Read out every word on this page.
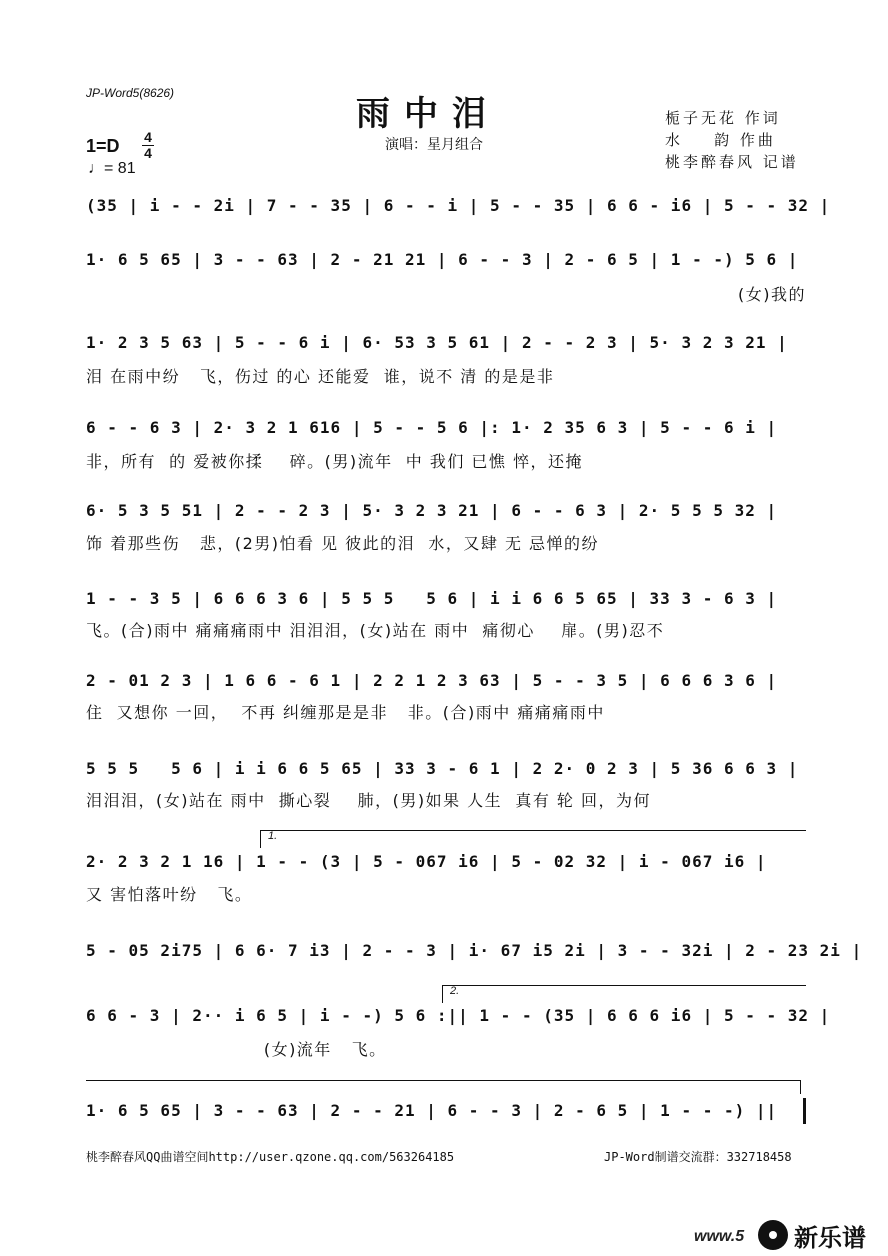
JP-Word5(8626)
雨中泪
演唱：星月组合
栀子无花 作词
水    韵 作曲
桃李醉春风 记谱
1=D 4
4
♩= 81
(35 | i - - 2i | 7 - - 35 | 6 - - i | 5 - - 35 | 6 6 - i6 | 5 - - 32 |
1· 6 5 65 | 3 - - 63 | 2 - 21 21 | 6 - - 3 | 2 - 6 5 | 1 - -) 5 6 |
(女)我的
1· 2 3 5 63 | 5 - - 6 i | 6· 53 3 5 61 | 2 - - 2 3 | 5· 3 2 3 21 |
泪 在雨中纷   飞，伤过 的心 还能爱  谁，说不 清 的是是非
6 - - 6 3 | 2· 3 2 1 616 | 5 - - 5 6 |: 1· 2 35 6 3 | 5 - - 6 i |
非，所有  的 爱被你揉    碎。(男)流年  中 我们 已憔 悴，还掩
6· 5 3 5 51 | 2 - - 2 3 | 5· 3 2 3 21 | 6 - - 6 3 | 2· 5 5 5 32 |
饰 着那些伤   悲，(2男)怕看 见 彼此的泪  水，又肆 无 忌惮的纷
1 - - 3 5 | 6 6 6 3 6 | 5 5 5   5 6 | i i 6 6 5 65 | 33 3 - 6 3 |
飞。(合)雨中 痛痛痛雨中 泪泪泪，(女)站在 雨中  痛彻心    扉。(男)忍不
2 - 01 2 3 | 1 6 6 - 6 1 | 2 2 1 2 3 63 | 5 - - 3 5 | 6 6 6 3 6 |
住  又想你 一回，  不再 纠缠那是是非   非。(合)雨中 痛痛痛雨中
5 5 5   5 6 | i i 6 6 5 65 | 33 3 - 6 1 | 2 2· 0 2 3 | 5 36 6 6 3 |
泪泪泪，(女)站在 雨中  撕心裂    肺，(男)如果 人生  真有 轮 回，为何
1.
2· 2 3 2 1 16 | 1 - - (3 | 5 - 067 i6 | 5 - 02 32 | i - 067 i6 |
又 害怕落叶纷   飞。
5 - 05 2i75 | 6 6· 7 i3 | 2 - - 3 | i· 67 i5 2i | 3 - - 32i | 2 - 23 2i |
2.
6 6 - 3 | 2·· i 6 5 | i - -) 5 6 :|| 1 - - (35 | 6 6 6 i6 | 5 - - 32 |
(女)流年   飞。
1· 6 5 65 | 3 - - 63 | 2 - - 21 | 6 - - 3 | 2 - 6 5 | 1 - - -) ||
桃李醉春风QQ曲谱空间http://user.qzone.qq.com/563264185	JP-Word制谱交流群：332718458
www.5 新乐谱
